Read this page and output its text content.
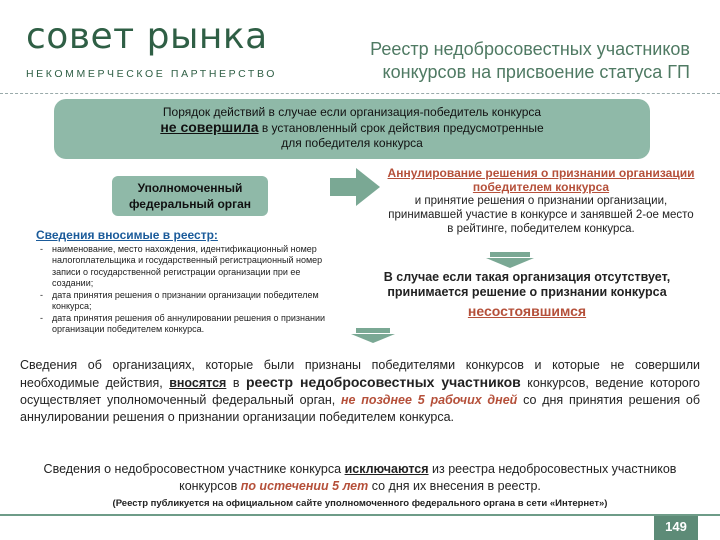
совет рынка
НЕКОММЕРЧЕСКОЕ ПАРТНЕРСТВО
Реестр недобросовестных участников
конкурсов на присвоение статуса ГП
Порядок действий в случае если организация-победитель конкурса
не совершила в установленный срок действия предусмотренные
для победителя конкурса
Уполномоченный
федеральный орган
Аннулирование решения о признании организации победителем конкурса
и принятие решения о признании организации, принимавшей участие в конкурсе и занявшей 2-ое место в рейтинге, победителем конкурса.
Сведения вносимые в реестр:
- наименование, место нахождения, идентификационный номер налогоплательщика и государственный регистрационный номер записи о государственной регистрации организации при ее создании;
- дата принятия решения о признании организации победителем конкурса;
- дата принятия решения об аннулировании решения о признании организации победителем конкурса.
В случае если такая организация отсутствует,
принимается решение о признании конкурса
несостоявшимся
Сведения об организациях, которые были признаны победителями конкурсов и которые не совершили необходимые действия, вносятся в реестр недобросовестных участников конкурсов, ведение которого осуществляет уполномоченный федеральный орган, не позднее 5 рабочих дней со дня принятия решения об аннулировании решения о признании организации победителем конкурса.
Сведения о недобросовестном участнике конкурса исключаются из реестра недобросовестных участников конкурсов по истечении 5 лет со дня их внесения в реестр.
(Реестр публикуется на официальном сайте уполномоченного федерального органа в сети «Интернет»)
149
